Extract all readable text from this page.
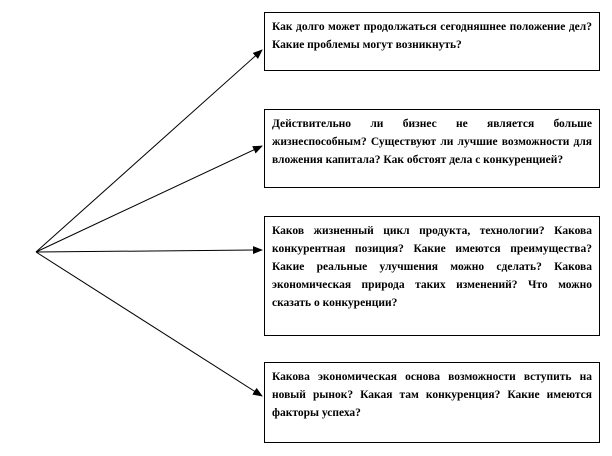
Как долго может продолжаться сегодняшнее положение дел? Какие проблемы могут возникнуть?
Действительно ли бизнес не является больше жизнеспособным? Существуют ли лучшие возможности для вложения капитала? Как обстоят дела с конкуренцией?
Каков жизненный цикл продукта, технологии? Какова конкурентная позиция? Какие имеются преимущества? Какие реальные улучшения можно сделать? Какова экономическая природа таких изменений? Что можно сказать о конкуренции?
Какова экономическая основа возможности вступить на новый рынок? Какая там конкуренция? Какие имеются факторы успеха?
